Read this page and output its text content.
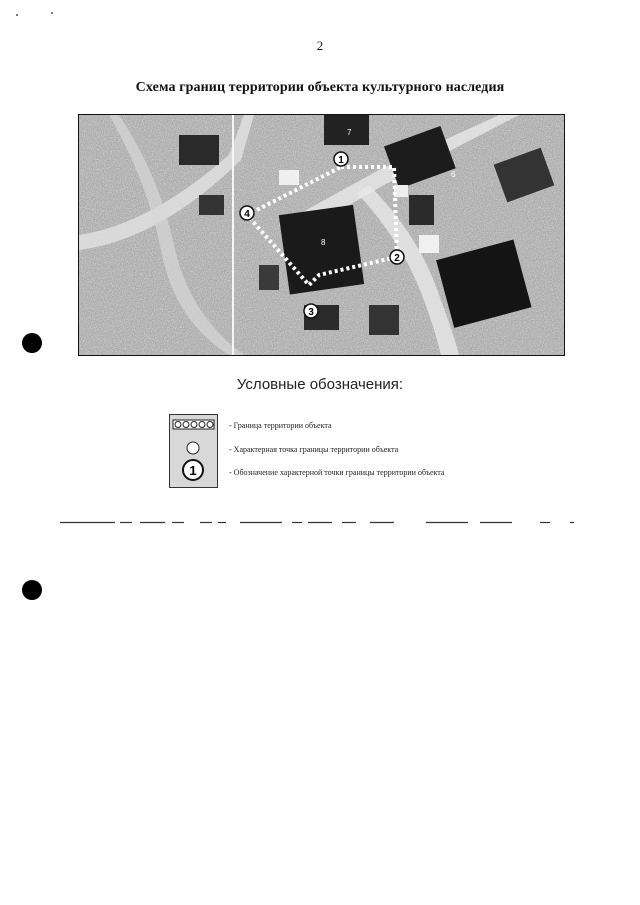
2
Схема границ территории объекта культурного наследия
1
2
3
4
7
6
8
Условные обозначения:
1
- Граница территории объекта
- Характерная точка границы территории объекта
- Обозначение характерной точки границы территории объекта
